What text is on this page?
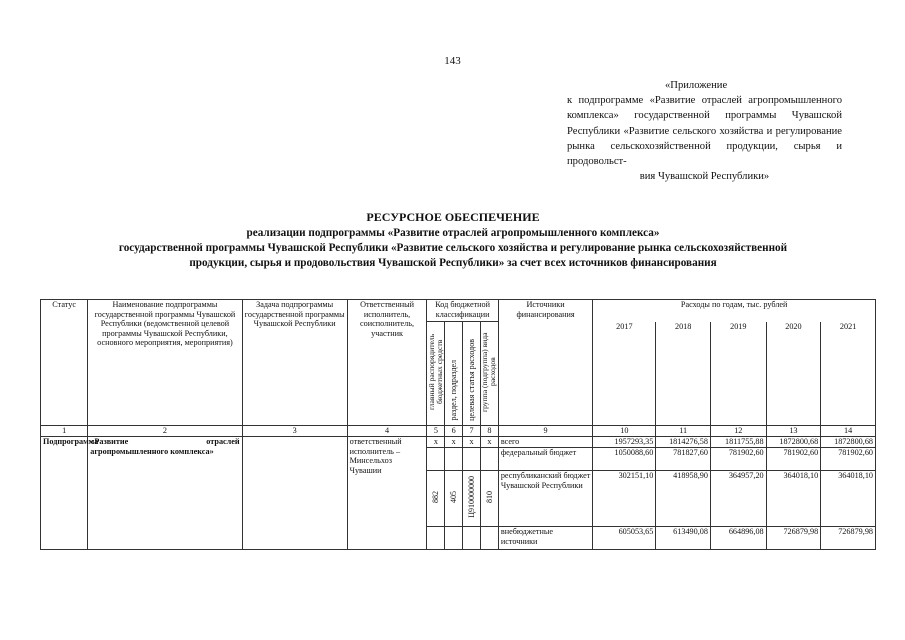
143
«Приложение
к подпрограмме «Развитие отраслей агропромышленного комплекса» государственной программы Чувашской Республики «Развитие сельского хозяйства и регулирование рынка сельскохозяйственной продукции, сырья и продовольст-
вия Чувашской Республики»
РЕСУРСНОЕ ОБЕСПЕЧЕНИЕ
реализации подпрограммы «Развитие отраслей агропромышленного комплекса»
государственной программы Чувашской Республики «Развитие сельского хозяйства и регулирование рынка сельскохозяйственной
продукции, сырья и продовольствия Чувашской Республики» за счет всех источников финансирования
Статус	Наименование подпрограммы государственной программы Чувашской Республики (ведомственной целевой программы Чувашской Республики, основного мероприятия, мероприятия)	Задача подпрограммы государственной программы Чувашской Республики	Ответственный исполнитель, соисполнитель, участник	Код бюджетной классификации				Источники финансирования	Расходы по годам, тыс. рублей				
				главный распорядитель бюджетных средств	раздел, подраздел	целевая статья расходов	группа (подгруппа) вида расходов		2017	2018	2019	2020	2021
1	2	3	4	5	6	7	8	9	10	11	12	13	14
Подпрограмма	«Развитие отраслей агропромышленного комплекса»		ответственный исполнитель – Минсельхоз Чувашии	x	x	x	x	всего	1957293,35	1814276,58	1811755,88	1872800,68	1872800,68
								федеральный бюджет	1050088,60	781827,60	781902,60	781902,60	781902,60
				882	405	Ц910000000	810	республиканский бюджет Чувашской Республики	302151,10	418958,90	364957,20	364018,10	364018,10
								внебюджетные источники	605053,65	613490,08	664896,08	726879,98	726879,98
